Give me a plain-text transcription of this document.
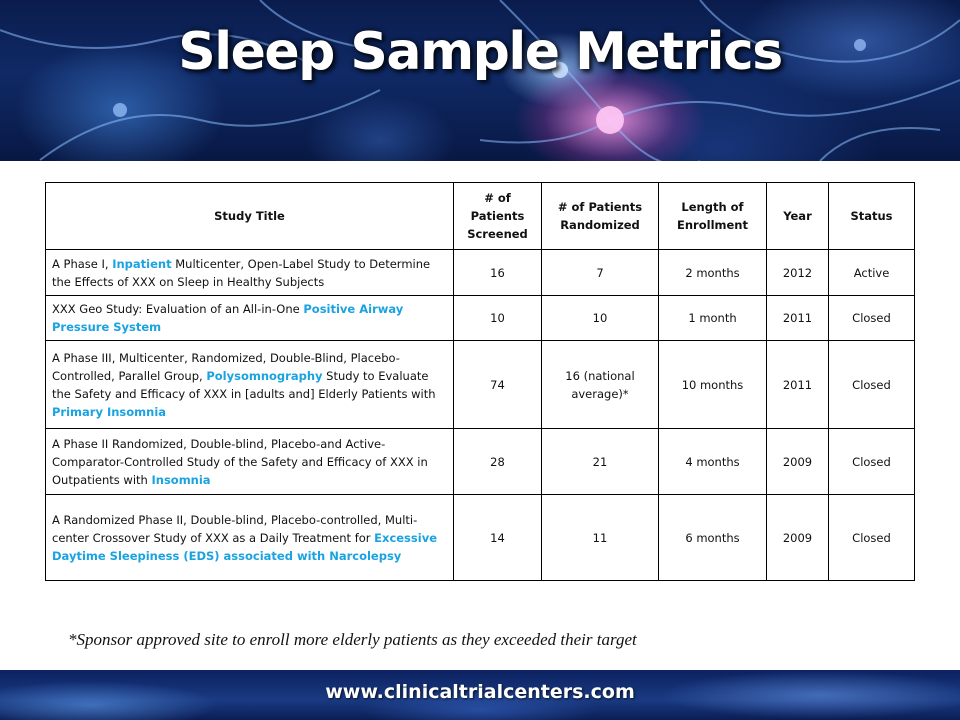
Sleep Sample Metrics
Study Title	# of Patients Screened	# of Patients Randomized	Length of Enrollment	Year	Status
A Phase I, Inpatient Multicenter, Open-Label Study to Determine the Effects of XXX on Sleep in Healthy Subjects	16	7	2 months	2012	Active
XXX Geo Study: Evaluation of an All-in-One Positive Airway Pressure System	10	10	1 month	2011	Closed
A Phase III, Multicenter, Randomized, Double-Blind, Placebo-Controlled, Parallel Group, Polysomnography Study to Evaluate the Safety and Efficacy of XXX in [adults and] Elderly Patients with Primary Insomnia	74	16 (national average)*	10 months	2011	Closed
A Phase II Randomized, Double-blind, Placebo-and Active-Comparator-Controlled Study of the Safety and Efficacy of XXX in Outpatients with Insomnia	28	21	4 months	2009	Closed
A Randomized Phase II, Double-blind, Placebo-controlled, Multi-center Crossover Study of XXX as a Daily Treatment for Excessive Daytime Sleepiness (EDS) associated with Narcolepsy	14	11	6 months	2009	Closed
*Sponsor approved site to enroll more elderly patients as they exceeded their target
www.clinicaltrialcenters.com
